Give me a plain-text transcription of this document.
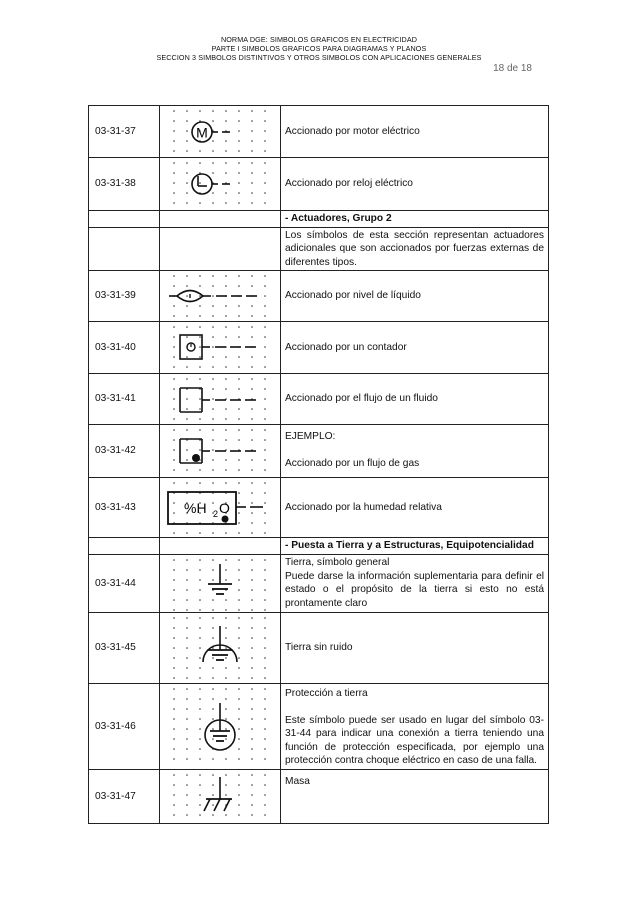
NORMA DGE: SIMBOLOS GRAFICOS EN ELECTRICIDAD
PARTE I SIMBOLOS GRAFICOS PARA DIAGRAMAS Y PLANOS
SECCION 3 SIMBOLOS DISTINTIVOS Y OTROS SIMBOLOS CON APLICACIONES GENERALES
18 de 18
03-31-37	M	Accionado por motor eléctrico
03-31-38		Accionado por reloj eléctrico
		- Actuadores, Grupo 2
		Los símbolos de esta sección representan actuadores adicionales que son accionados por fuerzas externas de diferentes tipos.
03-31-39		Accionado por nivel de líquido
03-31-40		Accionado por un contador
03-31-41		Accionado por el flujo de un fluido
03-31-42		EJEMPLO:
Accionado por un flujo de gas

03-31-43	%H 2 O	Accionado por la humedad relativa
		- Puesta a Tierra y a Estructuras, Equipotencialidad
03-31-44		Tierra, símbolo general
Puede darse la información suplementaria para definir el estado o el propósito de la tierra si esto no está prontamente claro

03-31-45		Tierra sin ruido
03-31-46		Protección a tierra
Este símbolo puede ser usado en lugar del símbolo 03-31-44 para indicar una conexión a tierra teniendo una función de protección especificada, por ejemplo una protección contra choque eléctrico en caso de una falla.

03-31-47		Masa
